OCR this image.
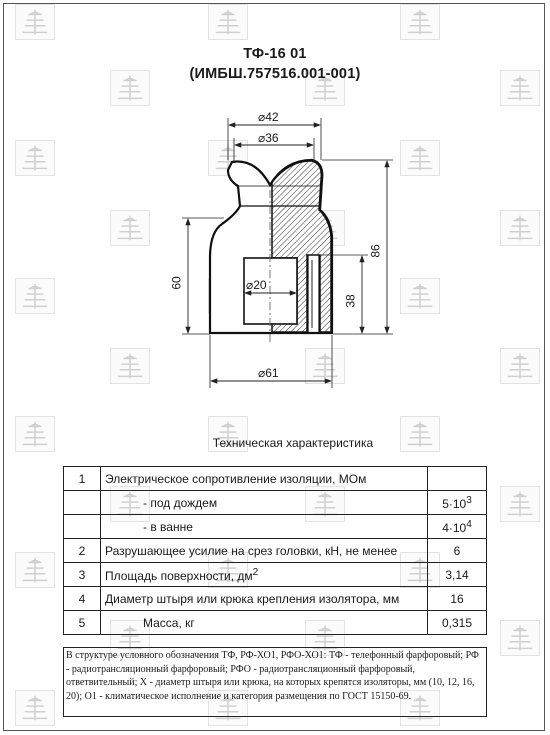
ТФ-16 01
(ИМБШ.757516.001-001)
⌀42
⌀36
⌀20
⌀61
60
86
38
Техническая характеристика
1	Электрическое сопротивление изоляции, МОм	
	- под дождем	$5\cdot 10^3$
	- в ванне	$4\cdot 10^4$
2	Разрушающее усилие на срез головки, кН, не менее	6
3	Площадь поверхности, $дм^2$	3,14
4	Диаметр штыря или крюка крепления изолятора, мм	16
5	Масса, кг	0,315
В структуре условного обозначения ТФ, РФ-ХО1, РФО-ХО1: ТФ - телефонный фарфоровый; РФ - радиотрансляционный фарфоровый; РФО - радиотрансляционный фарфоровый, ответвительный; Х - диаметр штыря или крюка, на которых крепятся изоляторы, мм (10, 12, 16, 20); О1 - климатическое исполнение и категория размещения по ГОСТ 15150-69.
